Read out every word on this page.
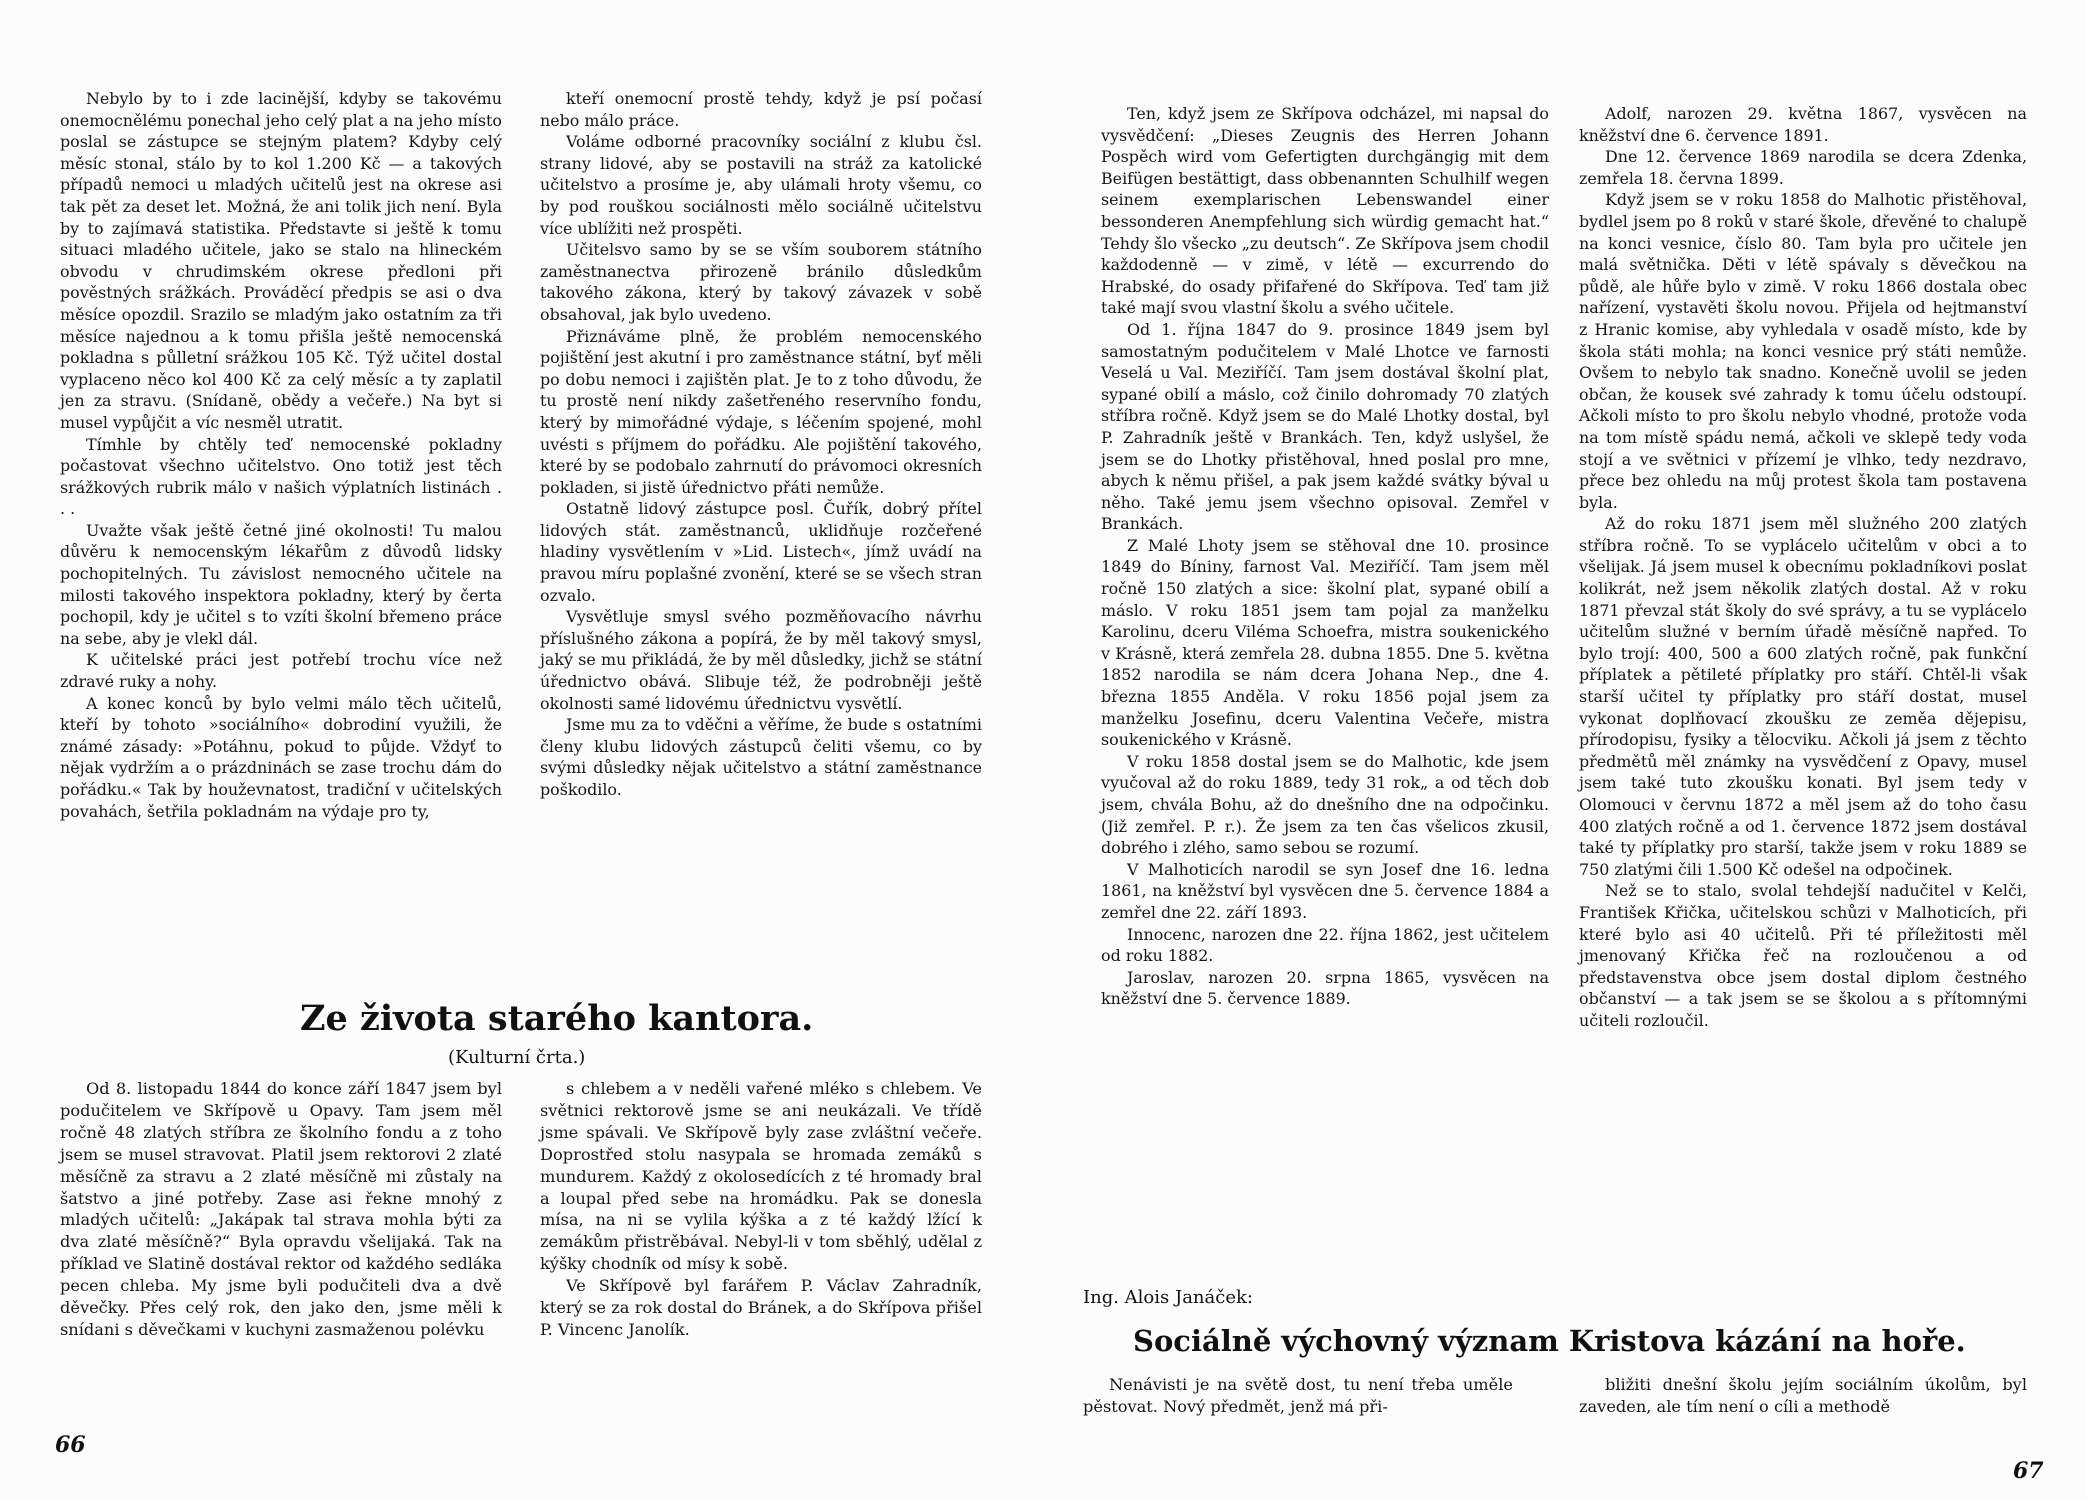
Nebylo by to i zde lacinější, kdyby se takovému onemocnělému ponechal jeho celý plat a na jeho místo poslal se zástupce se stejným platem? Kdyby celý měsíc stonal, stálo by to kol 1.200 Kč — a takových případů nemoci u mladých učitelů jest na okrese asi tak pět za deset let. Možná, že ani tolik jich není. Byla by to zajímavá statistika. Představte si ještě k tomu situaci mladého učitele, jako se stalo na hlineckém obvodu v chrudimském okrese předloni při pověstných srážkách. Prováděcí předpis se asi o dva měsíce opozdil. Srazilo se mladým jako ostatním za tři měsíce najednou a k tomu přišla ještě nemocenská pokladna s půlletní srážkou 105 Kč. Týž učitel dostal vyplaceno něco kol 400 Kč za celý měsíc a ty zaplatil jen za stravu. (Snídaně, obědy a večeře.) Na byt si musel vypůjčit a víc nesměl utratit.

Tímhle by chtěly teď nemocenské pokladny počastovat všechno učitelstvo. Ono totiž jest těch srážkových rubrik málo v našich výplatních listinách . . .

Uvažte však ještě četné jiné okolnosti! Tu malou důvěru k nemocenským lékařům z důvodů lidsky pochopitelných. Tu závislost nemocného učitele na milosti takového inspektora pokladny, který by čerta pochopil, kdy je učitel s to vzíti školní břemeno práce na sebe, aby je vlekl dál.

K učitelské práci jest potřebí trochu více než zdravé ruky a nohy.

A konec konců by bylo velmi málo těch učitelů, kteří by tohoto »sociálního« dobrodiní využili, že známé zásady: »Potáhnu, pokud to půjde. Vždyť to nějak vydržím a o prázdninách se zase trochu dám do pořádku.« Tak by houževnatost, tradiční v učitelských povahách, šetřila pokladnám na výdaje pro ty,

kteří onemocní prostě tehdy, když je psí počasí nebo málo práce.

Voláme odborné pracovníky sociální z klubu čsl. strany lidové, aby se postavili na stráž za katolické učitelstvo a prosíme je, aby ulámali hroty všemu, co by pod rouškou sociálnosti mělo sociálně učitelstvu více ublížiti než prospěti.

Učitelsvo samo by se se vším souborem státního zaměstnanectva přirozeně bránilo důsledkům takového zákona, který by takový závazek v sobě obsahoval, jak bylo uvedeno.

Přiznáváme plně, že problém nemocenského pojištění jest akutní i pro zaměstnance státní, byť měli po dobu nemoci i zajištěn plat. Je to z toho důvodu, že tu prostě není nikdy zašetřeného reservního fondu, který by mimořádné výdaje, s léčením spojené, mohl uvésti s příjmem do pořádku. Ale pojištění takového, které by se podobalo zahrnutí do právomoci okresních pokladen, si jistě úřednictvo přáti nemůže.

Ostatně lidový zástupce posl. Čuřík, dobrý přítel lidových stát. zaměstnanců, uklidňuje rozčeřené hladiny vysvětlením v »Lid. Listech«, jímž uvádí na pravou míru poplašné zvonění, které se se všech stran ozvalo.

Vysvětluje smysl svého pozměňovacího návrhu příslušného zákona a popírá, že by měl takový smysl, jaký se mu přikládá, že by měl důsledky, jichž se státní úřednictvo obává. Slibuje též, že podrobněji ještě okolnosti samé lidovému úřednictvu vysvětlí.

Jsme mu za to vděčni a věříme, že bude s ostatními členy klubu lidových zástupců čeliti všemu, co by svými důsledky nějak učitelstvo a státní zaměstnance poškodilo.

Ze života starého kantora.
(Kulturní črta.)

Od 8. listopadu 1844 do konce září 1847 jsem byl podučitelem ve Skřípově u Opavy. Tam jsem měl ročně 48 zlatých stříbra ze školního fondu a z toho jsem se musel stravovat. Platil jsem rektorovi 2 zlaté měsíčně za stravu a 2 zlaté měsíčně mi zůstaly na šatstvo a jiné potřeby. Zase asi řekne mnohý z mladých učitelů: „Jakápak tal strava mohla býti za dva zlaté měsíčně?“ Byla opravdu všelijaká. Tak na příklad ve Slatině dostával rektor od každého sedláka pecen chleba. My jsme byli podučiteli dva a dvě děvečky. Přes celý rok, den jako den, jsme měli k snídani s děvečkami v kuchyni zasmaženou polévku

s chlebem a v neděli vařené mléko s chlebem. Ve světnici rektorově jsme se ani neukázali. Ve třídě jsme spávali. Ve Skřípově byly zase zvláštní večeře. Doprostřed stolu nasypala se hromada zemáků s mundurem. Každý z okolosedících z té hromady bral a loupal před sebe na hromádku. Pak se donesla mísa, na ni se vylila kýška a z té každý lžící k zemákům přistrěbával. Nebyl-li v tom sběhlý, udělal z kýšky chodník od mísy k sobě.

Ve Skřípově byl farářem P. Václav Zahradník, který se za rok dostal do Bránek, a do Skřípova přišel P. Vincenc Janolík.

66

Ten, když jsem ze Skřípova odcházel, mi napsal do vysvědčení: „Dieses Zeugnis des Herren Johann Pospěch wird vom Gefertigten durchgängig mit dem Beifügen bestättigt, dass obbenannten Schulhilf wegen seinem exemplarischen Lebenswandel einer bessonderen Anempfehlung sich würdig gemacht hat.“ Tehdy šlo všecko „zu deutsch“. Ze Skřípova jsem chodil každodenně — v zimě, v létě — excurrendo do Hrabské, do osady přifařené do Skřípova. Teď tam již také mají svou vlastní školu a svého učitele.

Od 1. října 1847 do 9. prosince 1849 jsem byl samostatným podučitelem v Malé Lhotce ve farnosti Veselá u Val. Meziříčí. Tam jsem dostával školní plat, sypané obilí a máslo, což činilo dohromady 70 zlatých stříbra ročně. Když jsem se do Malé Lhotky dostal, byl P. Zahradník ještě v Brankách. Ten, když uslyšel, že jsem se do Lhotky přistěhoval, hned poslal pro mne, abych k němu přišel, a pak jsem každé svátky býval u něho. Také jemu jsem všechno opisoval. Zemřel v Brankách.

Z Malé Lhoty jsem se stěhoval dne 10. prosince 1849 do Bíniny, farnost Val. Meziříčí. Tam jsem měl ročně 150 zlatých a sice: školní plat, sypané obilí a máslo. V roku 1851 jsem tam pojal za manželku Karolinu, dceru Viléma Schoefra, mistra soukenického v Krásně, která zemřela 28. dubna 1855. Dne 5. května 1852 narodila se nám dcera Johana Nep., dne 4. března 1855 Anděla. V roku 1856 pojal jsem za manželku Josefinu, dceru Valentina Večeře, mistra soukenického v Krásně.

V roku 1858 dostal jsem se do Malhotic, kde jsem vyučoval až do roku 1889, tedy 31 rok„ a od těch dob jsem, chvála Bohu, až do dnešního dne na odpočinku. (Již zemřel. P. r.). Že jsem za ten čas všelicos zkusil, dobrého i zlého, samo sebou se rozumí.

V Malhoticích narodil se syn Josef dne 16. ledna 1861, na kněžství byl vysvěcen dne 5. července 1884 a zemřel dne 22. září 1893.

Innocenc, narozen dne 22. října 1862, jest učitelem od roku 1882.

Jaroslav, narozen 20. srpna 1865, vysvěcen na kněžství dne 5. července 1889.

Adolf, narozen 29. května 1867, vysvěcen na kněžství dne 6. července 1891.

Dne 12. července 1869 narodila se dcera Zdenka, zemřela 18. června 1899.

Když jsem se v roku 1858 do Malhotic přistěhoval, bydlel jsem po 8 roků v staré škole, dřevěné to chalupě na konci vesnice, číslo 80. Tam byla pro učitele jen malá světnička. Děti v létě spávaly s děvečkou na půdě, ale hůře bylo v zimě. V roku 1866 dostala obec nařízení, vystavěti školu novou. Přijela od hejtmanství z Hranic komise, aby vyhledala v osadě místo, kde by škola státi mohla; na konci vesnice prý státi nemůže. Ovšem to nebylo tak snadno. Konečně uvolil se jeden občan, že kousek své zahrady k tomu účelu odstoupí. Ačkoli místo to pro školu nebylo vhodné, protože voda na tom místě spádu nemá, ačkoli ve sklepě tedy voda stojí a ve světnici v přízemí je vlhko, tedy nezdravo, přece bez ohledu na můj protest škola tam postavena byla.

Až do roku 1871 jsem měl služného 200 zlatých stříbra ročně. To se vyplácelo učitelům v obci a to všelijak. Já jsem musel k obecnímu pokladníkovi poslat kolikrát, než jsem několik zlatých dostal. Až v roku 1871 převzal stát školy do své správy, a tu se vyplácelo učitelům služné v berním úřadě měsíčně napřed. To bylo trojí: 400, 500 a 600 zlatých ročně, pak funkční příplatek a pětileté příplatky pro stáří. Chtěl-li však starší učitel ty příplatky pro stáří dostat, musel vykonat doplňovací zkoušku ze zeměa dějepisu, přírodopisu, fysiky a tělocviku. Ačkoli já jsem z těchto předmětů měl známky na vysvědčení z Opavy, musel jsem také tuto zkoušku konati. Byl jsem tedy v Olomouci v červnu 1872 a měl jsem až do toho času 400 zlatých ročně a od 1. července 1872 jsem dostával také ty příplatky pro starší, takže jsem v roku 1889 se 750 zlatými čili 1.500 Kč odešel na odpočinek.

Než se to stalo, svolal tehdejší nadučitel v Kelči, František Křička, učitelskou schůzi v Malhoticích, při které bylo asi 40 učitelů. Při té příležitosti měl jmenovaný Křička řeč na rozloučenou a od představenstva obce jsem dostal diplom čestného občanství — a tak jsem se se školou a s přítomnými učiteli rozloučil.

Ing. Alois Janáček:
Sociálně výchovný význam Kristova kázání na hoře.

Nenávisti je na světě dost, tu není třeba uměle pěstovat. Nový předmět, jenž má při-

bližiti dnešní školu jejím sociálním úkolům, byl zaveden, ale tím není o cíli a methodě

67
